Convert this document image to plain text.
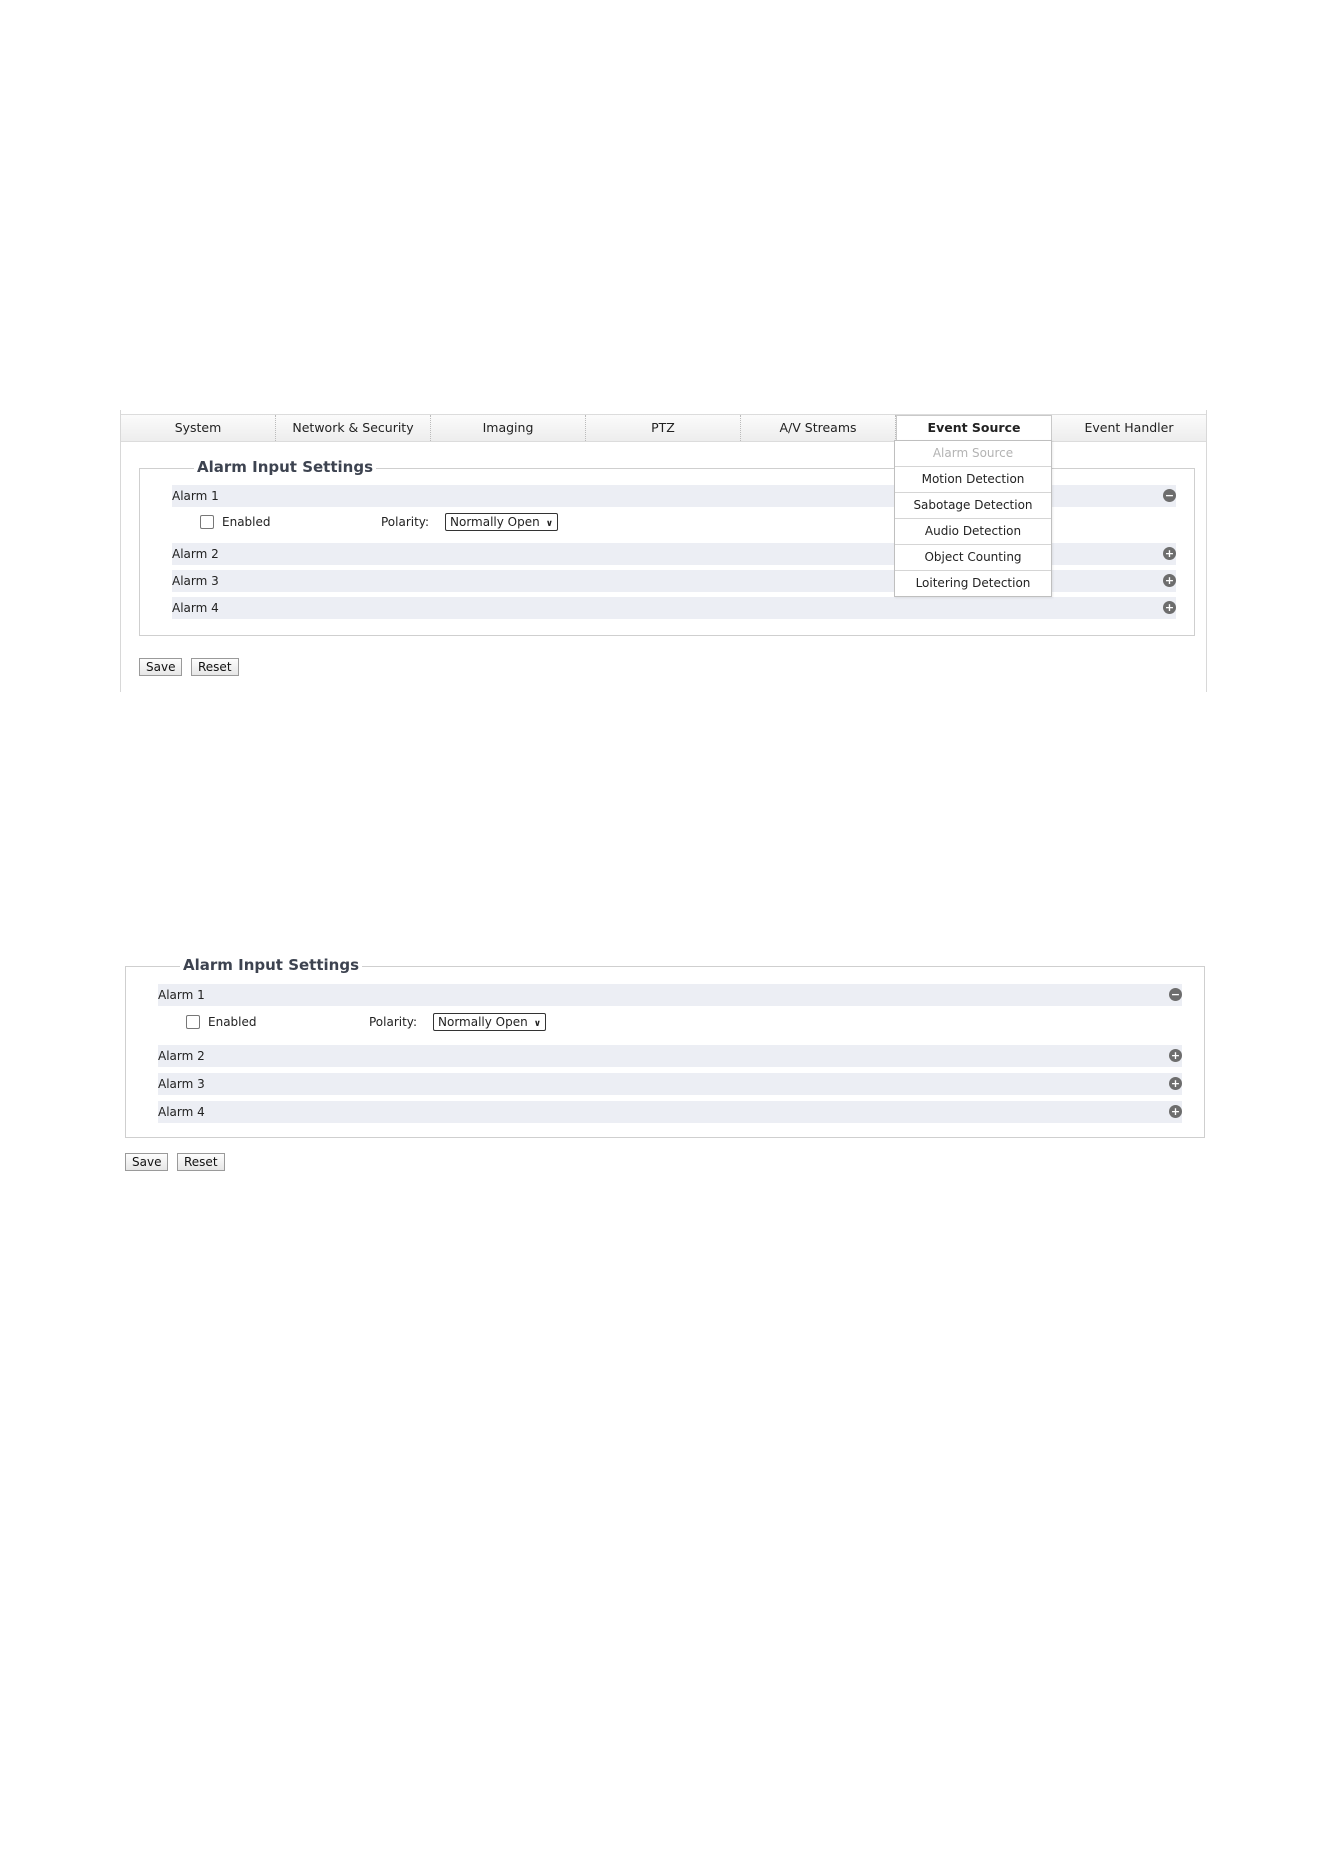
System	Network & Security	Imaging	PTZ	A/V Streams	Event Source	Event Handler
Alarm Input Settings
Alarm 1	−
Enabled	Polarity:	Normally Open ∨
Alarm 2	+
Alarm 3	+
Alarm 4	+
Save	Reset
Alarm Source
Motion Detection
Sabotage Detection
Audio Detection
Object Counting
Loitering Detection
Alarm Input Settings
Alarm 1	−
Enabled	Polarity:	Normally Open ∨
Alarm 2	+
Alarm 3	+
Alarm 4	+
Save	Reset
